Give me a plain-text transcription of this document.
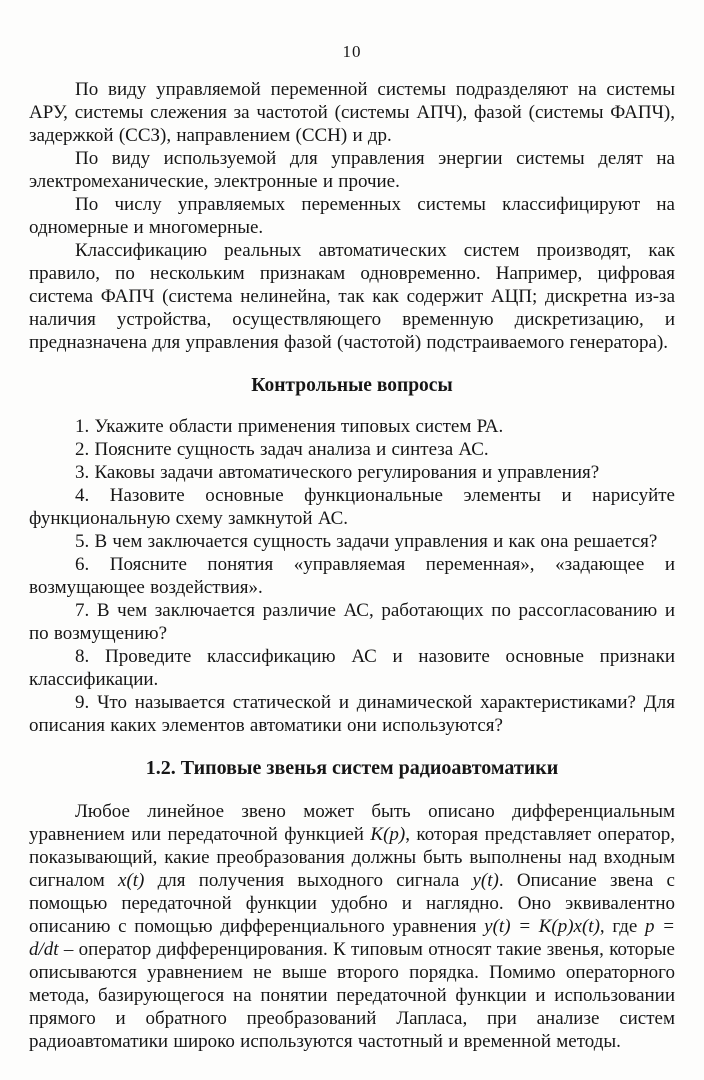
10

По виду управляемой переменной системы подразделяют на системы АРУ, системы слежения за частотой (системы АПЧ), фазой (системы ФАПЧ), задержкой (ССЗ), направлением (ССН) и др.

По виду используемой для управления энергии системы делят на электромеханические, электронные и прочие.

По числу управляемых переменных системы классифицируют на одномерные и многомерные.

Классификацию реальных автоматических систем производят, как правило, по нескольким признакам одновременно. Например, цифровая система ФАПЧ (система нелинейна, так как содержит АЦП; дискретна из-за наличия устройства, осуществляющего временную дискретизацию, и предназначена для управления фазой (частотой) подстраиваемого генератора).

Контрольные вопросы

1. Укажите области применения типовых систем РА.

2. Поясните сущность задач анализа и синтеза АС.

3. Каковы задачи автоматического регулирования и управления?

4. Назовите основные функциональные элементы и нарисуйте функциональную схему замкнутой АС.

5. В чем заключается сущность задачи управления и как она решается?

6. Поясните понятия «управляемая переменная», «задающее и возмущающее воздействия».

7. В чем заключается различие АС, работающих по рассогласованию и по возмущению?

8. Проведите классификацию АС и назовите основные признаки классификации.

9. Что называется статической и динамической характеристиками? Для описания каких элементов автоматики они используются?

1.2. Типовые звенья систем радиоавтоматики

Любое линейное звено может быть описано дифференциальным уравнением или передаточной функцией K(p), которая представляет оператор, показывающий, какие преобразования должны быть выполнены над входным сигналом x(t) для получения выходного сигнала y(t). Описание звена с помощью передаточной функции удобно и наглядно. Оно эквивалентно описанию с помощью дифференциального уравнения y(t) = K(p)x(t), где p = d/dt – оператор дифференцирования. К типовым относят такие звенья, которые описываются уравнением не выше второго порядка. Помимо операторного метода, базирующегося на понятии передаточной функции и использовании прямого и обратного преобразований Лапласа, при анализе систем радиоавтоматики широко используются частотный и временной методы.
